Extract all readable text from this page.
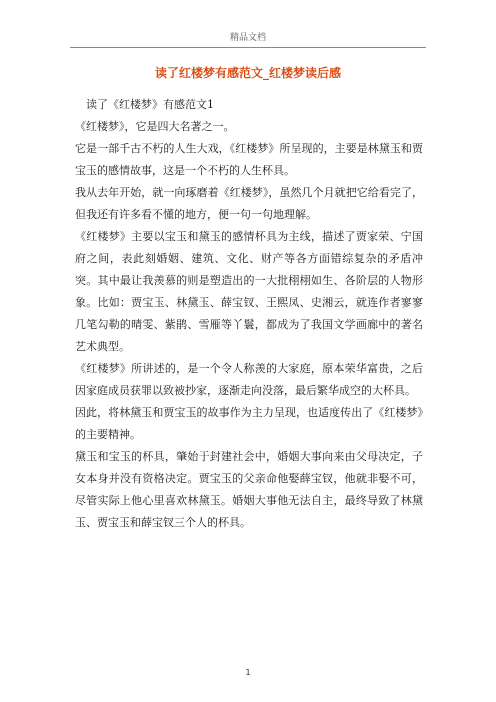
精品文档
读了红楼梦有感范文_红楼梦读后感

读了《红楼梦》有感范文1

《红楼梦》，它是四大名著之一。

它是一部千古不朽的人生大戏，《红楼梦》所呈现的，主要是林黛玉和贾宝玉的感情故事，这是一个不朽的人生杯具。

我从去年开始，就一向琢磨着《红楼梦》，虽然几个月就把它给看完了，但我还有许多看不懂的地方，便一句一句地理解。

《红楼梦》主要以宝玉和黛玉的感情杯具为主线，描述了贾家荣、宁国府之间，表此刻婚姻、建筑、文化、财产等各方面错综复杂的矛盾冲突。其中最让我羡慕的则是塑造出的一大批栩栩如生、各阶层的人物形象。比如：贾宝玉、林黛玉、薛宝钗、王熙凤、史湘云，就连作者寥寥几笔勾勒的晴雯、紫鹃、雪雁等丫鬟，都成为了我国文学画廊中的著名艺术典型。

《红楼梦》所讲述的，是一个令人称羡的大家庭，原本荣华富贵，之后因家庭成员获罪以致被抄家，逐渐走向没落，最后繁华成空的大杯具。

因此，将林黛玉和贾宝玉的故事作为主力呈现，也适度传出了《红楼梦》的主要精神。

黛玉和宝玉的杯具，肇始于封建社会中，婚姻大事向来由父母决定，子女本身并没有资格决定。贾宝玉的父亲命他娶薛宝钗，他就非娶不可，尽管实际上他心里喜欢林黛玉。婚姻大事他无法自主，最终导致了林黛玉、贾宝玉和薛宝钗三个人的杯具。

1
